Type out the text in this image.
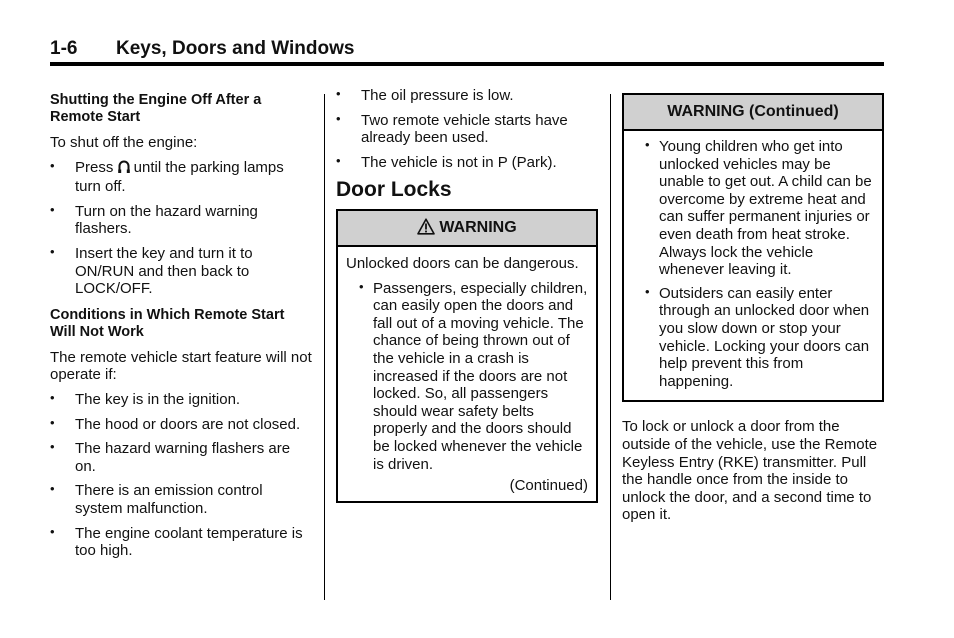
1-6 Keys, Doors and Windows
Shutting the Engine Off After a Remote Start

To shut off the engine:

• Press  until the parking lamps turn off.
• Turn on the hazard warning flashers.
• Insert the key and turn it to ON/RUN and then back to LOCK/OFF.
Conditions in Which Remote Start Will Not Work

The remote vehicle start feature will not operate if:

• The key is in the ignition.
• The hood or doors are not closed.
• The hazard warning flashers are on.
• There is an emission control system malfunction.
• The engine coolant temperature is too high.
• The oil pressure is low.
• Two remote vehicle starts have already been used.
• The vehicle is not in P (Park).
Door Locks
WARNING

Unlocked doors can be dangerous.

• Passengers, especially children, can easily open the doors and fall out of a moving vehicle. The chance of being thrown out of the vehicle in a crash is increased if the doors are not locked. So, all passengers should wear safety belts properly and the doors should be locked whenever the vehicle is driven.
(Continued)
WARNING (Continued)
• Young children who get into unlocked vehicles may be unable to get out. A child can be overcome by extreme heat and can suffer permanent injuries or even death from heat stroke. Always lock the vehicle whenever leaving it.
• Outsiders can easily enter through an unlocked door when you slow down or stop your vehicle. Locking your doors can help prevent this from happening.

To lock or unlock a door from the outside of the vehicle, use the Remote Keyless Entry (RKE) transmitter. Pull the handle once from the inside to unlock the door, and a second time to open it.
